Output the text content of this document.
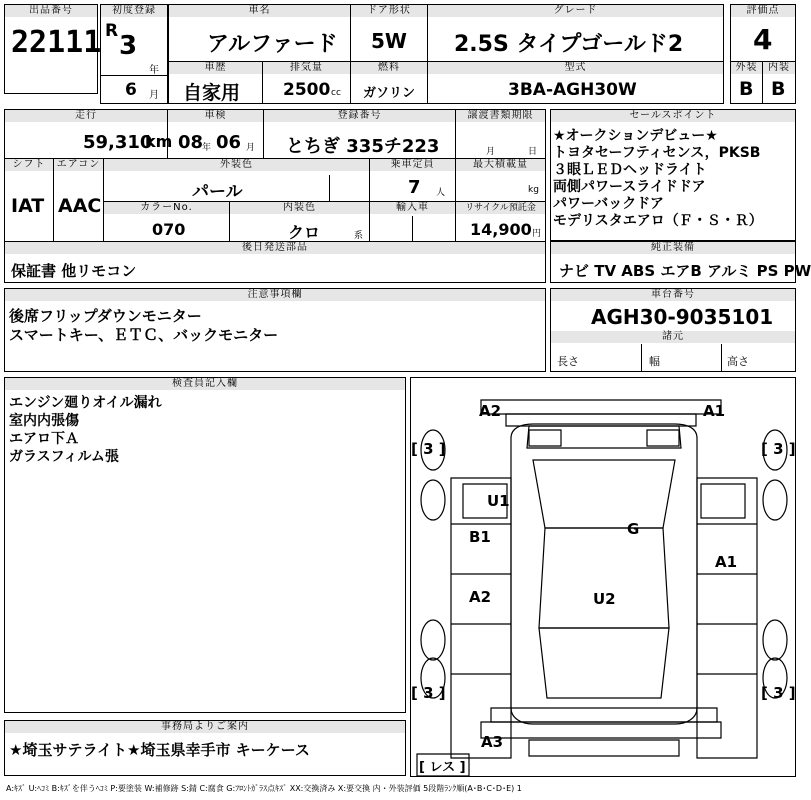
出品番号
22111
初度登録
R 3
年
6 月
車名
アルファード
ドア形状
5W
グレード
2.5S タイプゴールド2
評価点
4
車歴
自家用
排気量
2500 cc
燃料
ガソリン
型式
3BA-AGH30W
外装
B
内装
B
走行
59,310
km
車検
08
年 06 月
登録番号
とちぎ 335チ223
譲渡書類期限
月	日
セールスポイント
★オークションデビュー★
トヨタセーフティセンス，PKSB
３眼ＬＥＤヘッドライト
両側パワースライドドア
パワーバックドア
モデリスタエアロ（Ｆ・Ｓ・Ｒ）
シフト
IAT
エアコン
AAC
外装色
パール
乗車定員
7 人
最大積載量
kg
カラーNo.
070
内装色
クロ	系
輸入車	リサイクル預託金
14,900 円
後日発送部品
保証書 他リモコン
純正装備
ナビ TV ABS エアB アルミ PS PW
注意事項欄
後席フリップダウンモニター
スマートキー、ＥＴＣ、バックモニター
車台番号
AGH30-9035101
諸元
長さ	幅	高さ
検査員記入欄
エンジン廻りオイル漏れ
室内内張傷
エアロ下Ａ
ガラスフィルム張
A2	A1
U1
B1
A2
G
A1
U2
A3
[ 3 ]	[ 3 ]
[ 3 ]	[ 3 ]
[ レス ]
事務局よりご案内
★埼玉サテライト★埼玉県幸手市 キーケース
A:ｷｽﾞ U:ﾍｺﾐ B:ｷｽﾞを伴うﾍｺﾐ P:要塗装 W:補修跡 S:錆 C:腐食 G:ﾌﾛﾝﾄｶﾞﾗｽ点ｷｽﾞ XX:交換済み X:要交換 内・外装評価 5段階ﾗﾝｸ順(A･B･C･D･E) 1
